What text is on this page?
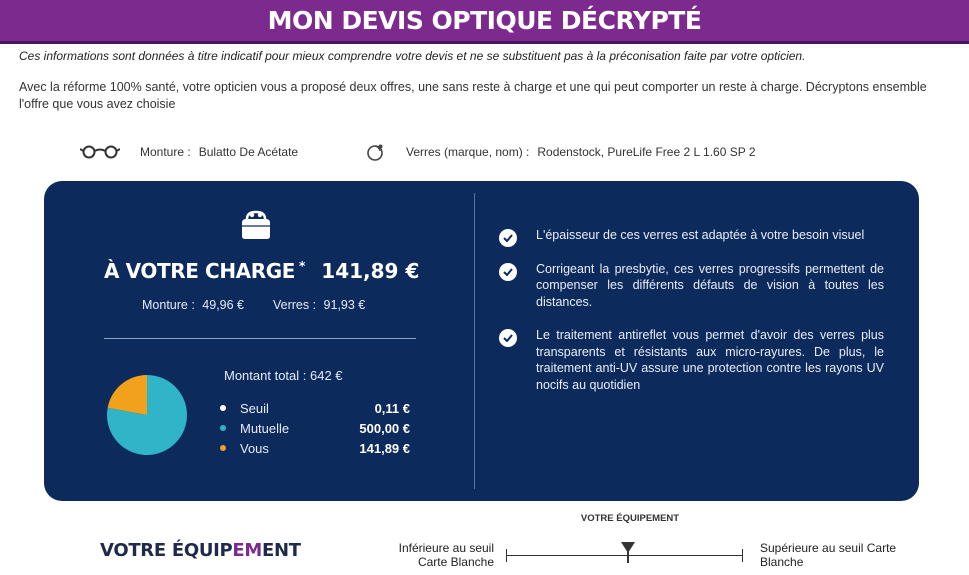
MON DEVIS OPTIQUE DÉCRYPTÉ

Ces informations sont données à titre indicatif pour mieux comprendre votre devis et ne se substituent pas à la préconisation faite par votre opticien.

Avec la réforme 100% santé, votre opticien vous a proposé deux offres, une sans reste à charge et une qui peut comporter un reste à charge. Décryptons ensemble l'offre que vous avez choisie

Monture : Bulatto De Acétate	Verres (marque, nom) : Rodenstock, PureLife Free 2 L 1.60 SP 2
À VOTRE CHARGE * 141,89 €
Monture : 49,96 € Verres : 91,93 €
Montant total : 642 €
Seuil	0,11 €
Mutuelle	500,00 €
Vous	141,89 €
L'épaisseur de ces verres est adaptée à votre besoin visuel
Corrigeant la presbytie, ces verres progressifs permettent de compenser les différents défauts de vision à toutes les distances.
Le traitement antireflet vous permet d'avoir des verres plus transparents et résistants aux micro-rayures. De plus, le traitement anti-UV assure une protection contre les rayons UV nocifs au quotidien
VOTRE ÉQUIPEMENT	Inférieure au seuil Carte Blanche
Supérieure au seuil Carte Blanche
VOTRE ÉQUIPEMENT
